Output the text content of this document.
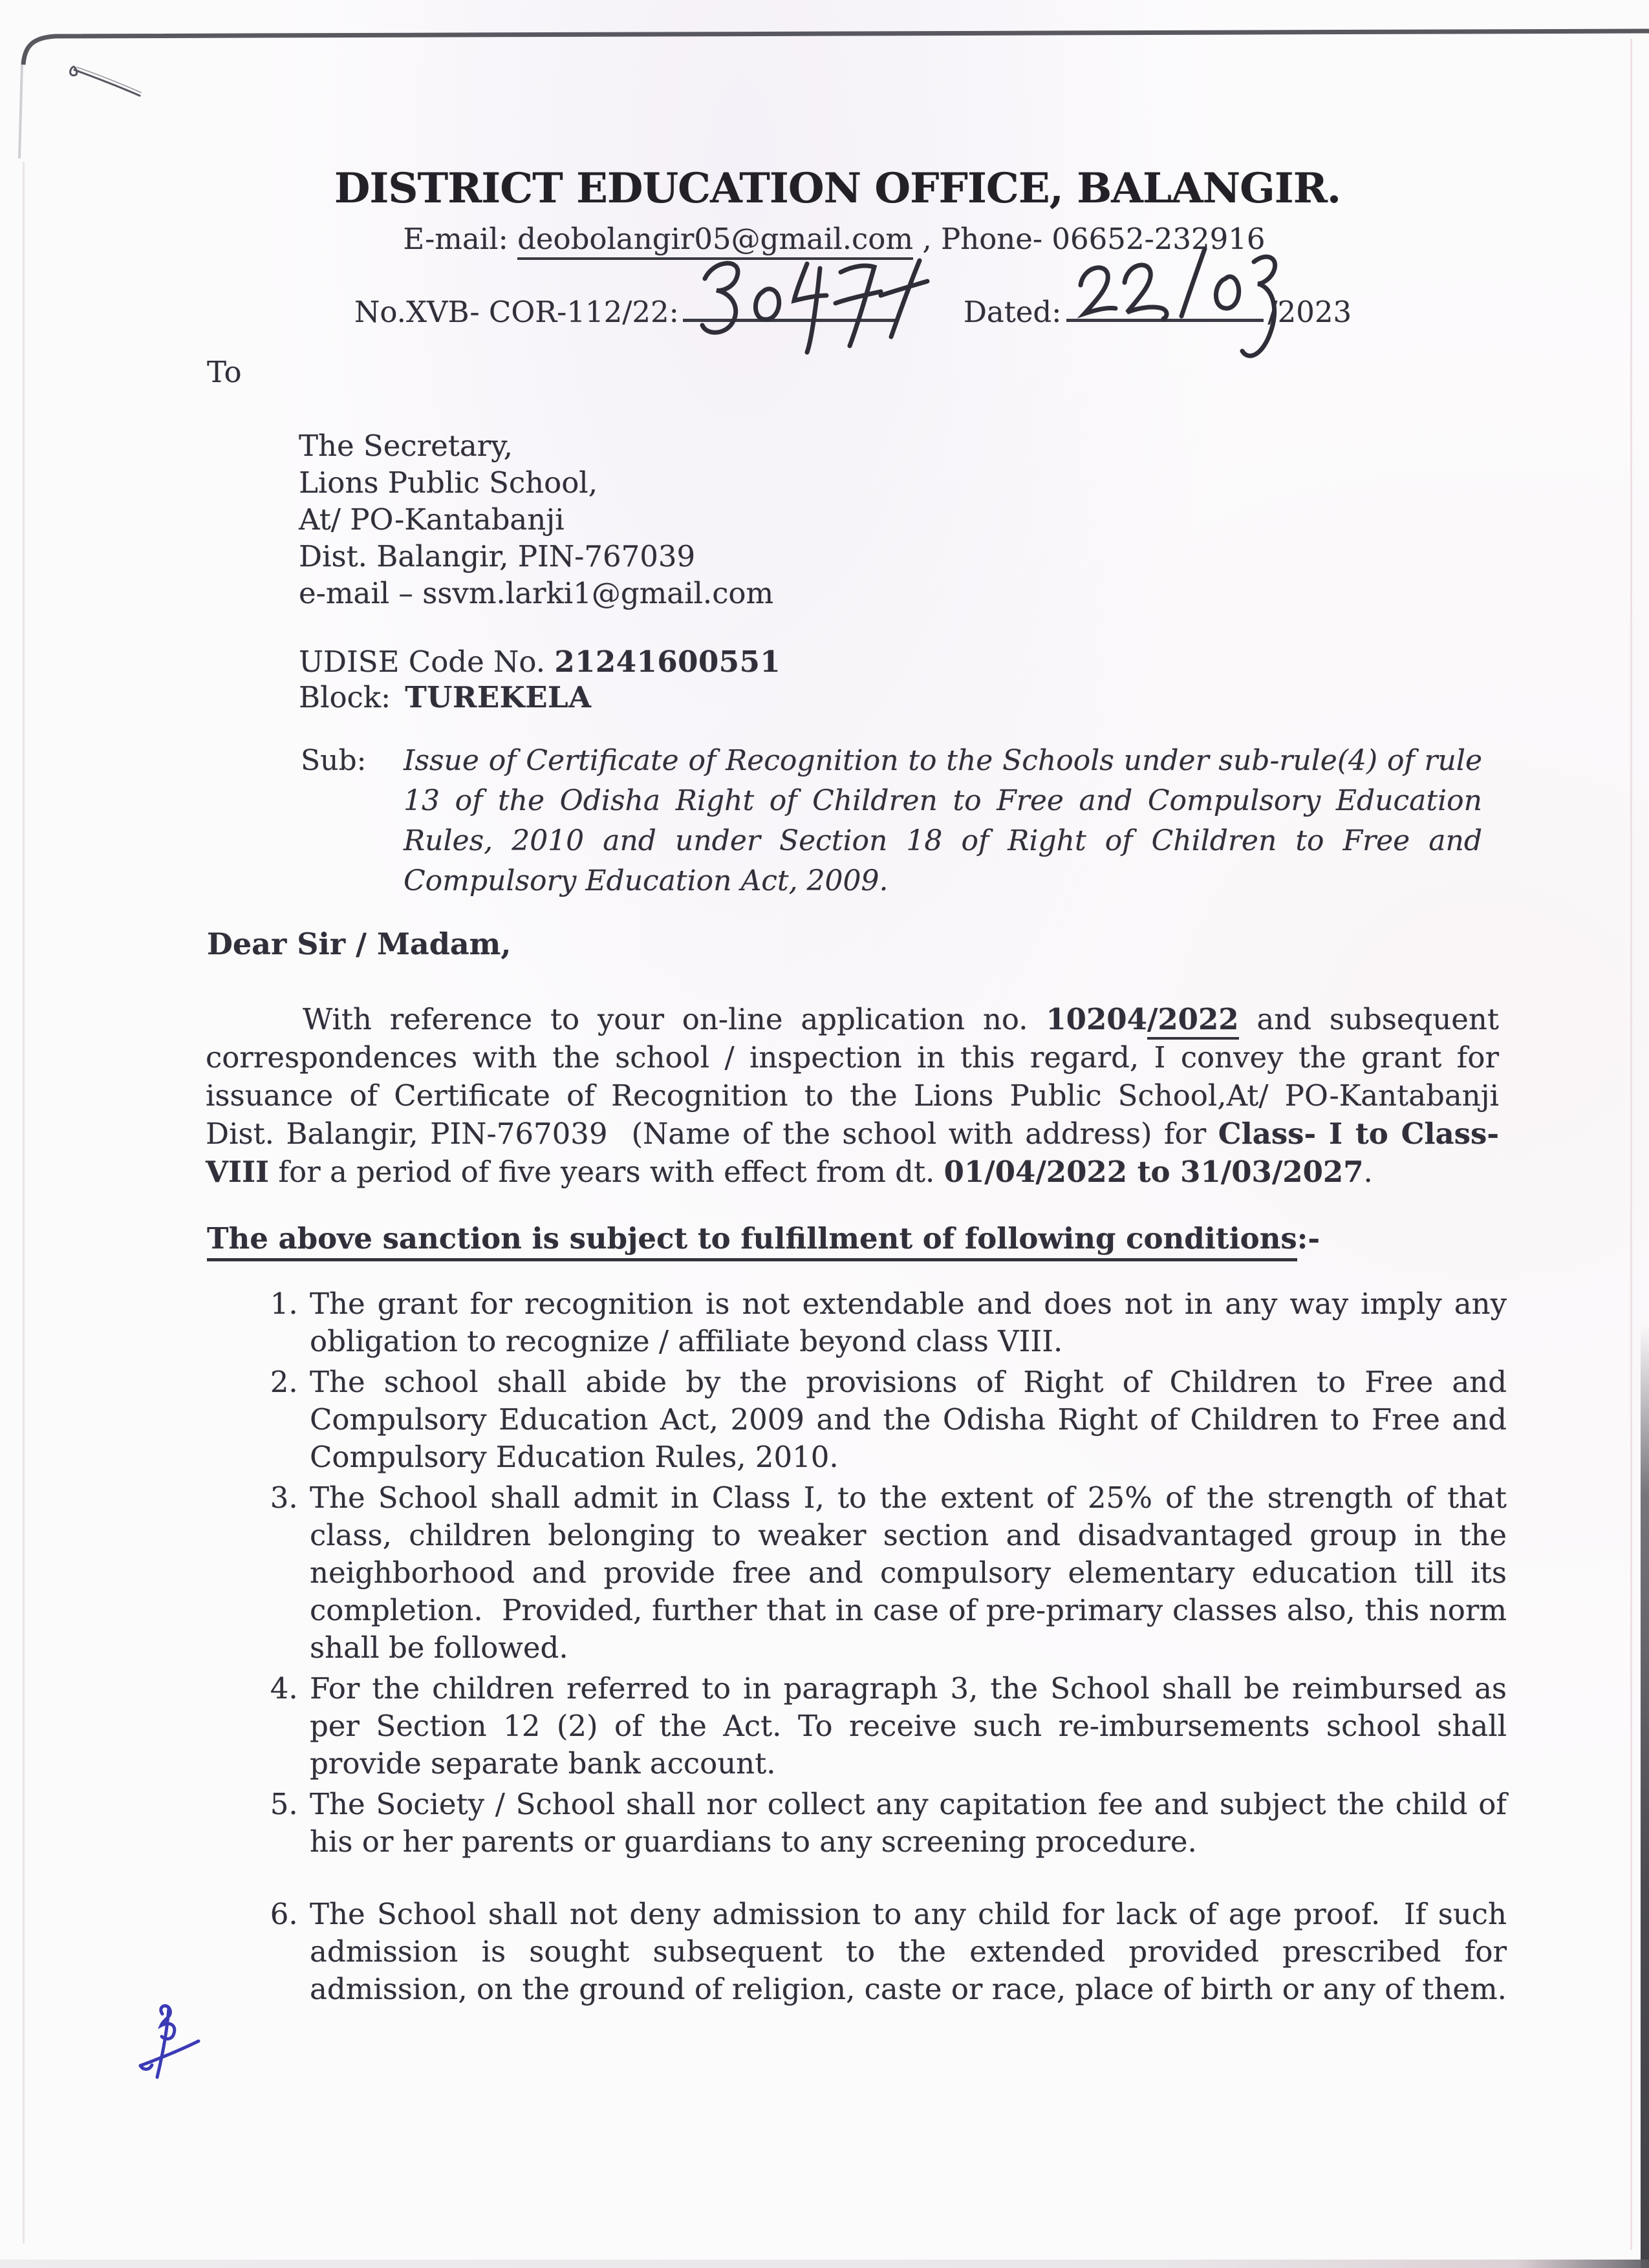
DISTRICT EDUCATION OFFICE, BALANGIR.

E-mail: deobolangir05@gmail.com , Phone- 06652-232916

No.XVB- COR-112/22:	Dated:	/2023

To

The Secretary,
Lions Public School,
At/ PO-Kantabanji
Dist. Balangir, PIN-767039
e-mail – ssvm.larki1@gmail.com
UDISE Code No. 21241600551
Block: TUREKELA
Sub:	Issue of Certificate of Recognition to the Schools under sub-rule(4) of rule 13 of the Odisha Right of Children to Free and Compulsory Education Rules, 2010 and under Section 18 of Right of Children to Free and Compulsory Education Act, 2009.

Dear Sir / Madam,

With reference to your on-line application no. 10204/2022 and subsequent correspondences with the school / inspection in this regard, I convey the grant for issuance of Certificate of Recognition to the Lions Public School,At/ PO-Kantabanji Dist. Balangir, PIN-767039  (Name of the school with address) for Class- I to Class-VIII for a period of five years with effect from dt. 01/04/2022 to 31/03/2027.

The above sanction is subject to fulfillment of following conditions:-
1. The grant for recognition is not extendable and does not in any way imply any obligation to recognize / affiliate beyond class VIII.
2. The school shall abide by the provisions of Right of Children to Free and Compulsory Education Act, 2009 and the Odisha Right of Children to Free and Compulsory Education Rules, 2010.
3. The School shall admit in Class I, to the extent of 25% of the strength of that class, children belonging to weaker section and disadvantaged group in the neighborhood and provide free and compulsory elementary education till its completion.  Provided, further that in case of pre-primary classes also, this norm shall be followed.
4. For the children referred to in paragraph 3, the School shall be reimbursed as per Section 12 (2) of the Act. To receive such re-imbursements school shall provide separate bank account.
5. The Society / School shall nor collect any capitation fee and subject the child of his or her parents or guardians to any screening procedure.
6. The School shall not deny admission to any child for lack of age proof.  If such admission is sought subsequent to the extended provided prescribed for admission, on the ground of religion, caste or race, place of birth or any of them.
